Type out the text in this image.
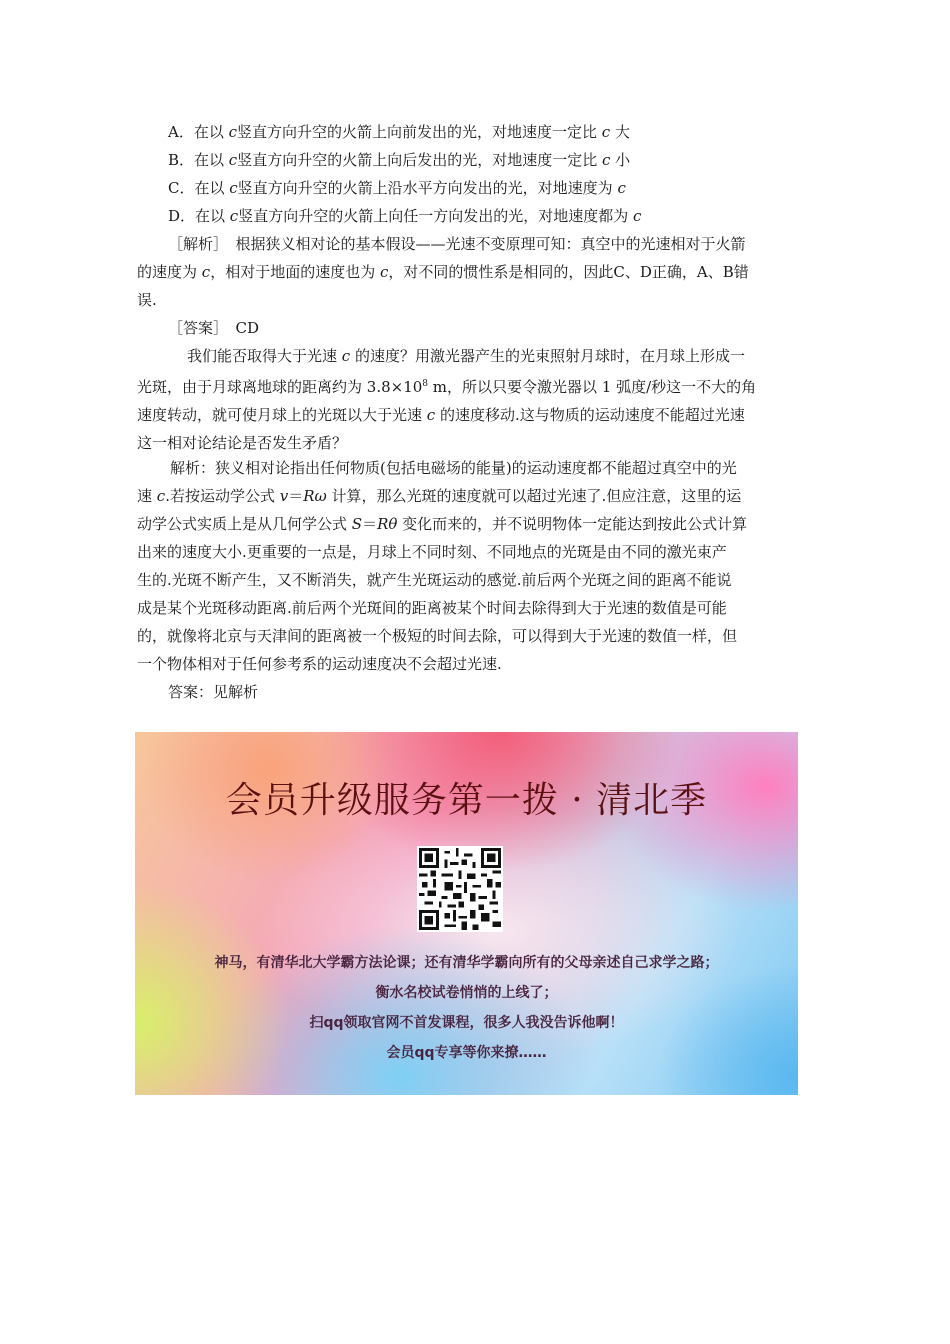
A．在以 c竖直方向升空的火箭上向前发出的光，对地速度一定比 c 大
B．在以 c竖直方向升空的火箭上向后发出的光，对地速度一定比 c 小
C．在以 c竖直方向升空的火箭上沿水平方向发出的光，对地速度为 c
D．在以 c竖直方向升空的火箭上向任一方向发出的光，对地速度都为 c
［解析］　根据狭义相对论的基本假设——光速不变原理可知：真空中的光速相对于火箭
的速度为 c，相对于地面的速度也为 c，对不同的惯性系是相同的，因此C、D正确，A、B错
误.
［答案］　CD
我们能否取得大于光速 c 的速度？用激光器产生的光束照射月球时，在月球上形成一
光斑，由于月球离地球的距离约为 $3.8\times 10^8$ m，所以只要令激光器以 1 弧度/秒这一不大的角
速度转动，就可使月球上的光斑以大于光速 c 的速度移动.这与物质的运动速度不能超过光速
这一相对论结论是否发生矛盾？
解析：狭义相对论指出任何物质(包括电磁场的能量)的运动速度都不能超过真空中的光
速 c.若按运动学公式 v＝Rω 计算，那么光斑的速度就可以超过光速了.但应注意，这里的运
动学公式实质上是从几何学公式 S＝Rθ 变化而来的，并不说明物体一定能达到按此公式计算
出来的速度大小.更重要的一点是，月球上不同时刻、不同地点的光斑是由不同的激光束产
生的.光斑不断产生，又不断消失，就产生光斑运动的感觉.前后两个光斑之间的距离不能说
成是某个光斑移动距离.前后两个光斑间的距离被某个时间去除得到大于光速的数值是可能
的，就像将北京与天津间的距离被一个极短的时间去除，可以得到大于光速的数值一样，但
一个物体相对于任何参考系的运动速度决不会超过光速.
答案：见解析
会员升级服务第一拨 · 清北季
神马，有清华北大学霸方法论课；还有清华学霸向所有的父母亲述自己求学之路；
衡水名校试卷悄悄的上线了；
扫qq领取官网不首发课程，很多人我没告诉他啊！
会员qq专享等你来撩……
